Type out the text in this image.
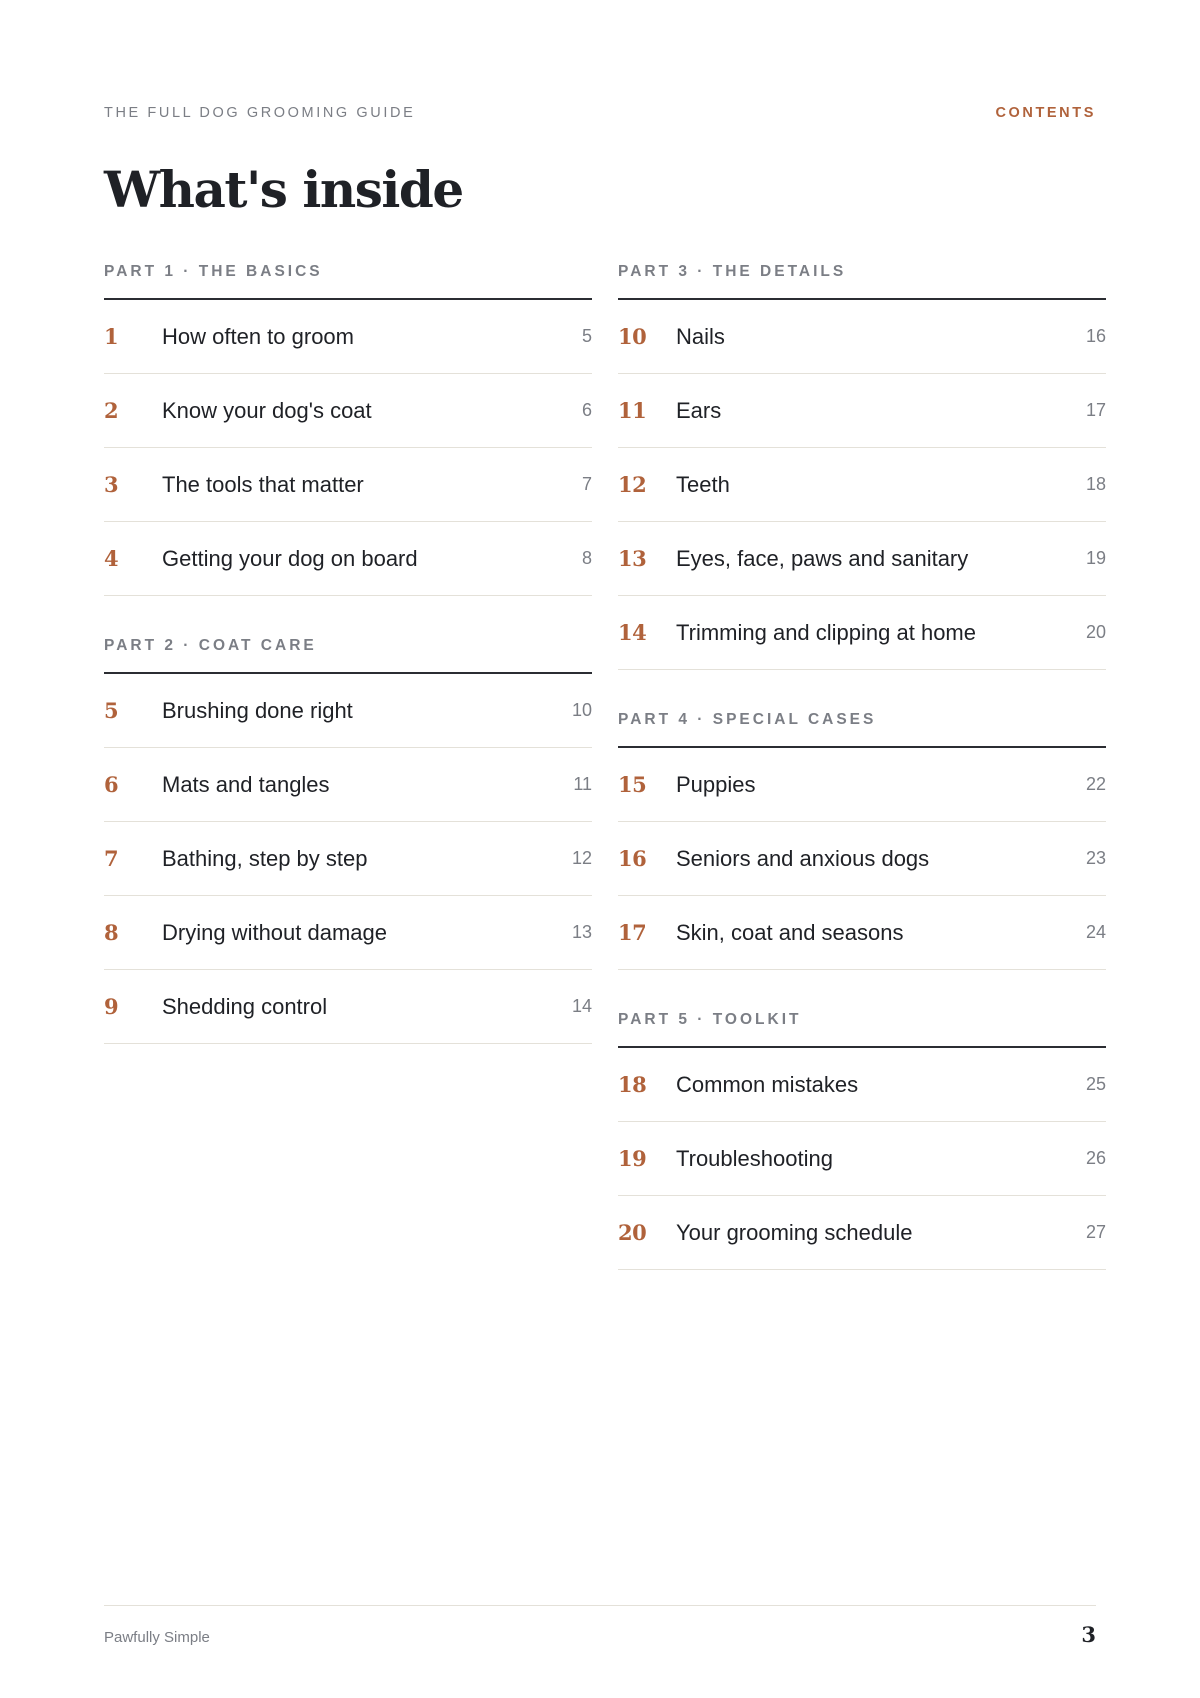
THE FULL DOG GROOMING GUIDE	CONTENTS
What's inside
PART 1 · THE BASICS
1	How often to groom	5
2	Know your dog's coat	6
3	The tools that matter	7
4	Getting your dog on board	8
PART 2 · COAT CARE
5	Brushing done right	10
6	Mats and tangles	11
7	Bathing, step by step	12
8	Drying without damage	13
9	Shedding control	14
PART 3 · THE DETAILS
10	Nails	16
11	Ears	17
12	Teeth	18
13	Eyes, face, paws and sanitary	19
14	Trimming and clipping at home	20
PART 4 · SPECIAL CASES
15	Puppies	22
16	Seniors and anxious dogs	23
17	Skin, coat and seasons	24
PART 5 · TOOLKIT
18	Common mistakes	25
19	Troubleshooting	26
20	Your grooming schedule	27
Pawfully Simple	3
